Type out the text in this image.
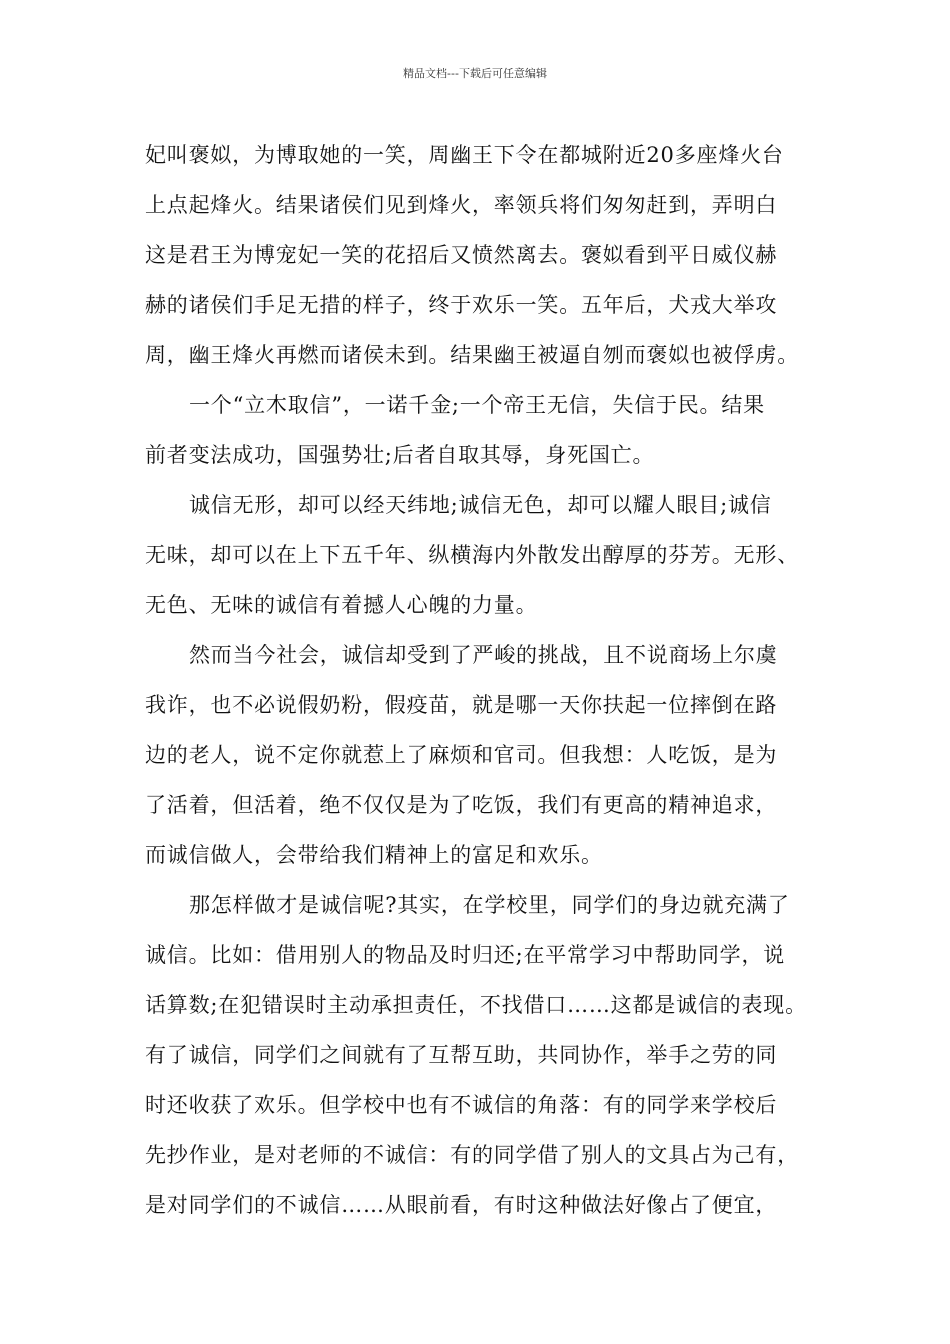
精品文档---下载后可任意编辑
妃叫褒姒，为博取她的一笑，周幽王下令在都城附近20多座烽火台
上点起烽火。结果诸侯们见到烽火，率领兵将们匆匆赶到，弄明白
这是君王为博宠妃一笑的花招后又愤然离去。褒姒看到平日威仪赫
赫的诸侯们手足无措的样子，终于欢乐一笑。五年后，犬戎大举攻
周，幽王烽火再燃而诸侯未到。结果幽王被逼自刎而褒姒也被俘虏。
一个“立木取信”，一诺千金;一个帝王无信，失信于民。结果
前者变法成功，国强势壮;后者自取其辱，身死国亡。
诚信无形，却可以经天纬地;诚信无色，却可以耀人眼目;诚信
无味，却可以在上下五千年、纵横海内外散发出醇厚的芬芳。无形、
无色、无味的诚信有着撼人心魄的力量。
然而当今社会，诚信却受到了严峻的挑战，且不说商场上尔虞
我诈，也不必说假奶粉，假疫苗，就是哪一天你扶起一位摔倒在路
边的老人，说不定你就惹上了麻烦和官司。但我想：人吃饭，是为
了活着，但活着，绝不仅仅是为了吃饭，我们有更高的精神追求，
而诚信做人，会带给我们精神上的富足和欢乐。
那怎样做才是诚信呢?其实，在学校里，同学们的身边就充满了
诚信。比如：借用别人的物品及时归还;在平常学习中帮助同学，说
话算数;在犯错误时主动承担责任，不找借口……这都是诚信的表现。
有了诚信，同学们之间就有了互帮互助，共同协作，举手之劳的同
时还收获了欢乐。但学校中也有不诚信的角落：有的同学来学校后
先抄作业，是对老师的不诚信：有的同学借了别人的文具占为己有，
是对同学们的不诚信……从眼前看，有时这种做法好像占了便宜，
